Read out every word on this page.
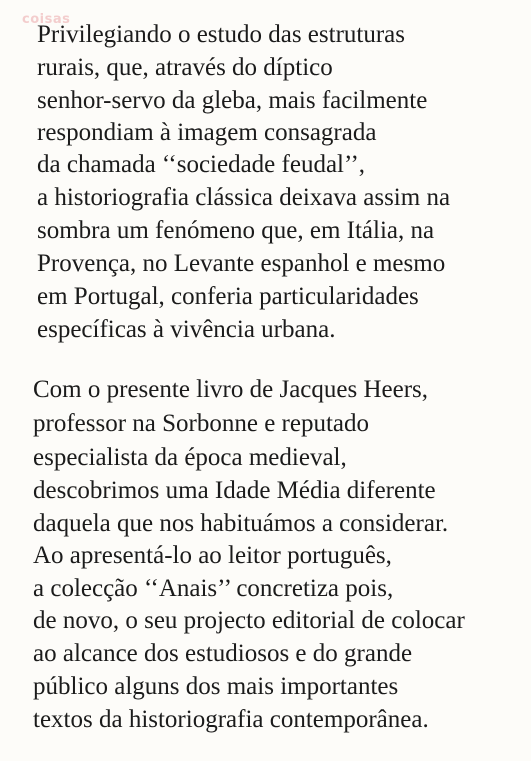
coisas
Privilegiando o estudo das estruturas
rurais, que, através do díptico
senhor-servo da gleba, mais facilmente
respondiam à imagem consagrada
da chamada ‘‘sociedade feudal’’,
a historiografia clássica deixava assim na
sombra um fenómeno que, em Itália, na
Provença, no Levante espanhol e mesmo
em Portugal, conferia particularidades
específicas à vivência urbana.
Com o presente livro de Jacques Heers,
professor na Sorbonne e reputado
especialista da época medieval,
descobrimos uma Idade Média diferente
daquela que nos habituámos a considerar.
Ao apresentá-lo ao leitor português,
a colecção ‘‘Anais’’ concretiza pois,
de novo, o seu projecto editorial de colocar
ao alcance dos estudiosos e do grande
público alguns dos mais importantes
textos da historiografia contemporânea.
